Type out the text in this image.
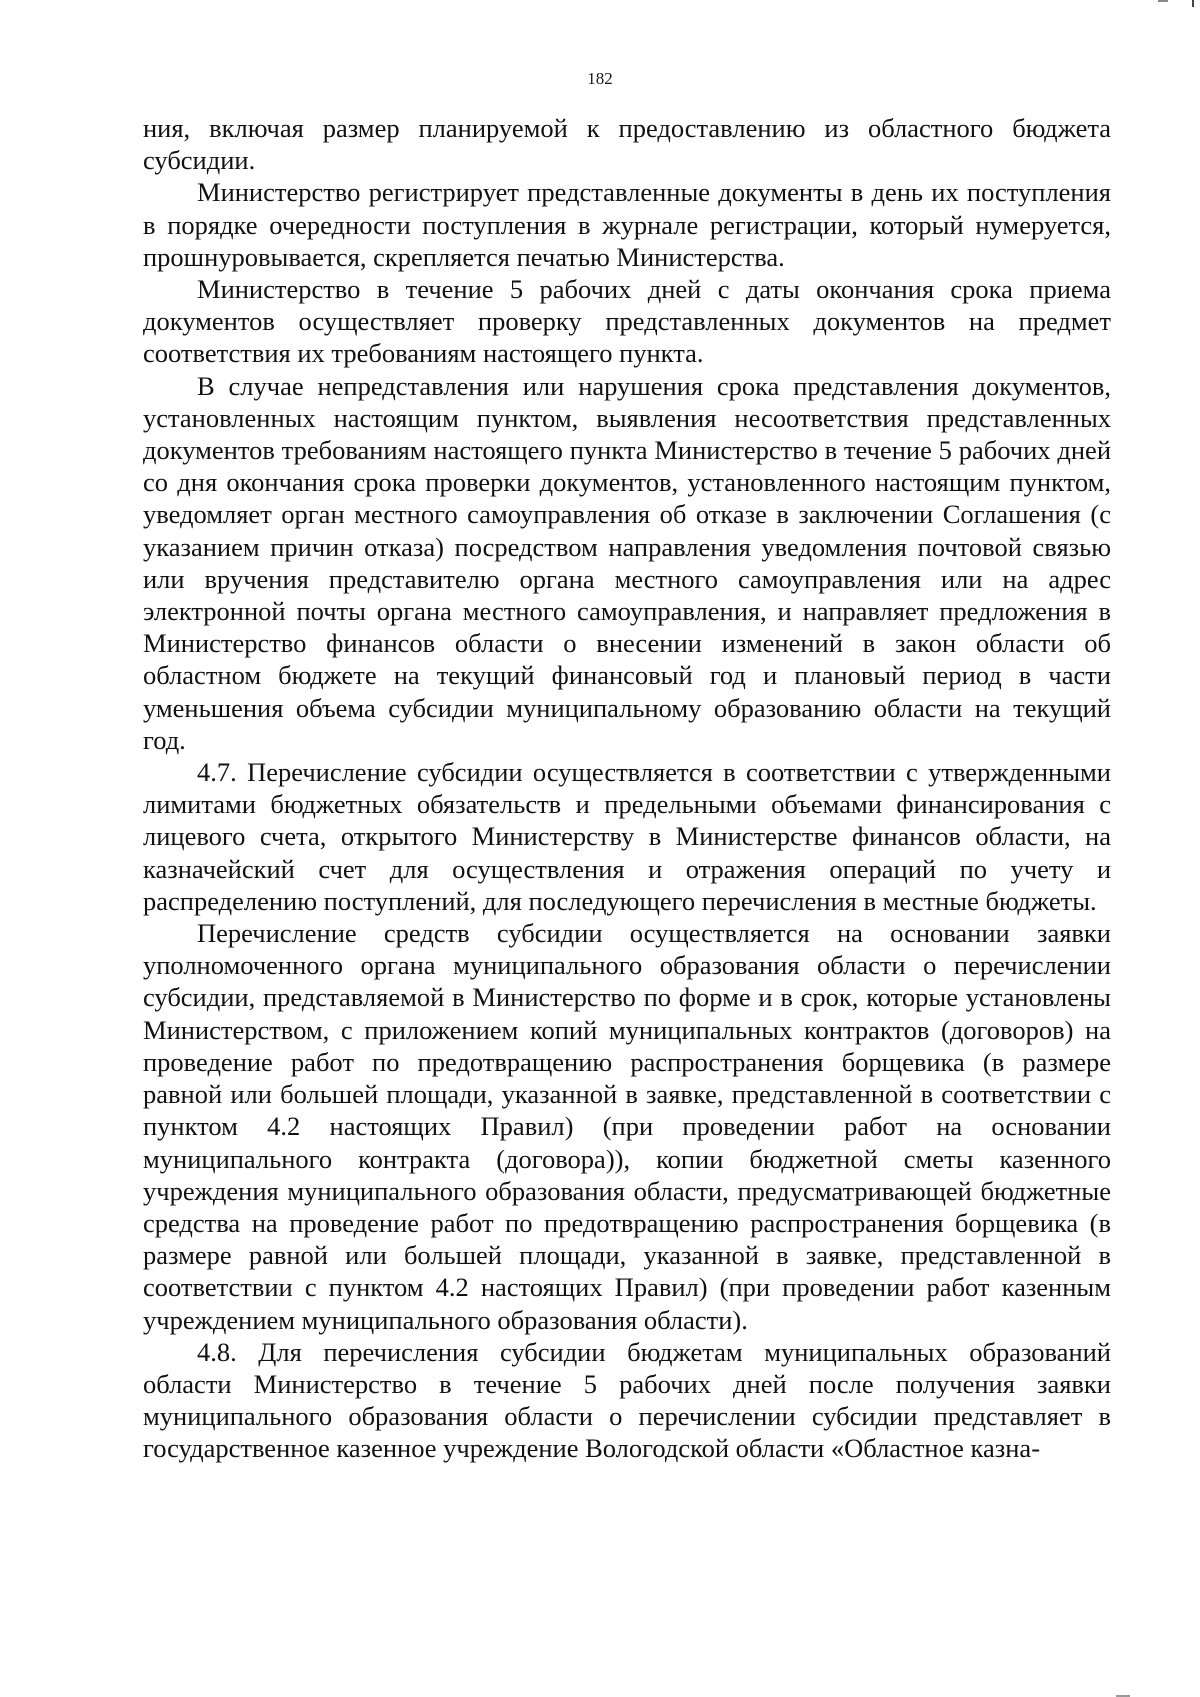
182

ния, включая размер планируемой к предоставлению из областного бюджета субсидии.

Министерство регистрирует представленные документы в день их поступления в порядке очередности поступления в журнале регистрации, который нумеруется, прошнуровывается, скрепляется печатью Министерства.

Министерство в течение 5 рабочих дней с даты окончания срока приема документов осуществляет проверку представленных документов на предмет соответствия их требованиям настоящего пункта.

В случае непредставления или нарушения срока представления документов, установленных настоящим пунктом, выявления несоответствия представленных документов требованиям настоящего пункта Министерство в течение 5 рабочих дней со дня окончания срока проверки документов, установленного настоящим пунктом, уведомляет орган местного самоуправления об отказе в заключении Соглашения (с указанием причин отказа) посредством направления уведомления почтовой связью или вручения представителю органа местного самоуправления или на адрес электронной почты органа местного самоуправления, и направляет предложения в Министерство финансов области о внесении изменений в закон области об областном бюджете на текущий финансовый год и плановый период в части уменьшения объема субсидии муниципальному образованию области на текущий год.

4.7. Перечисление субсидии осуществляется в соответствии с утвержденными лимитами бюджетных обязательств и предельными объемами финансирования с лицевого счета, открытого Министерству в Министерстве финансов области, на казначейский счет для осуществления и отражения операций по учету и распределению поступлений, для последующего перечисления в местные бюджеты.

Перечисление средств субсидии осуществляется на основании заявки уполномоченного органа муниципального образования области о перечислении субсидии, представляемой в Министерство по форме и в срок, которые установлены Министерством, с приложением копий муниципальных контрактов (договоров) на проведение работ по предотвращению распространения борщевика (в размере равной или большей площади, указанной в заявке, представленной в соответствии с пунктом 4.2 настоящих Правил) (при проведении работ на основании муниципального контракта (договора)), копии бюджетной сметы казенного учреждения муниципального образования области, предусматривающей бюджетные средства на проведение работ по предотвращению распространения борщевика (в размере равной или большей площади, указанной в заявке, представленной в соответствии с пунктом 4.2 настоящих Правил) (при проведении работ казенным учреждением муниципального образования области).

4.8. Для перечисления субсидии бюджетам муниципальных образований области Министерство в течение 5 рабочих дней после получения заявки муниципального образования области о перечислении субсидии представляет в государственное казенное учреждение Вологодской области «Областное казна-
